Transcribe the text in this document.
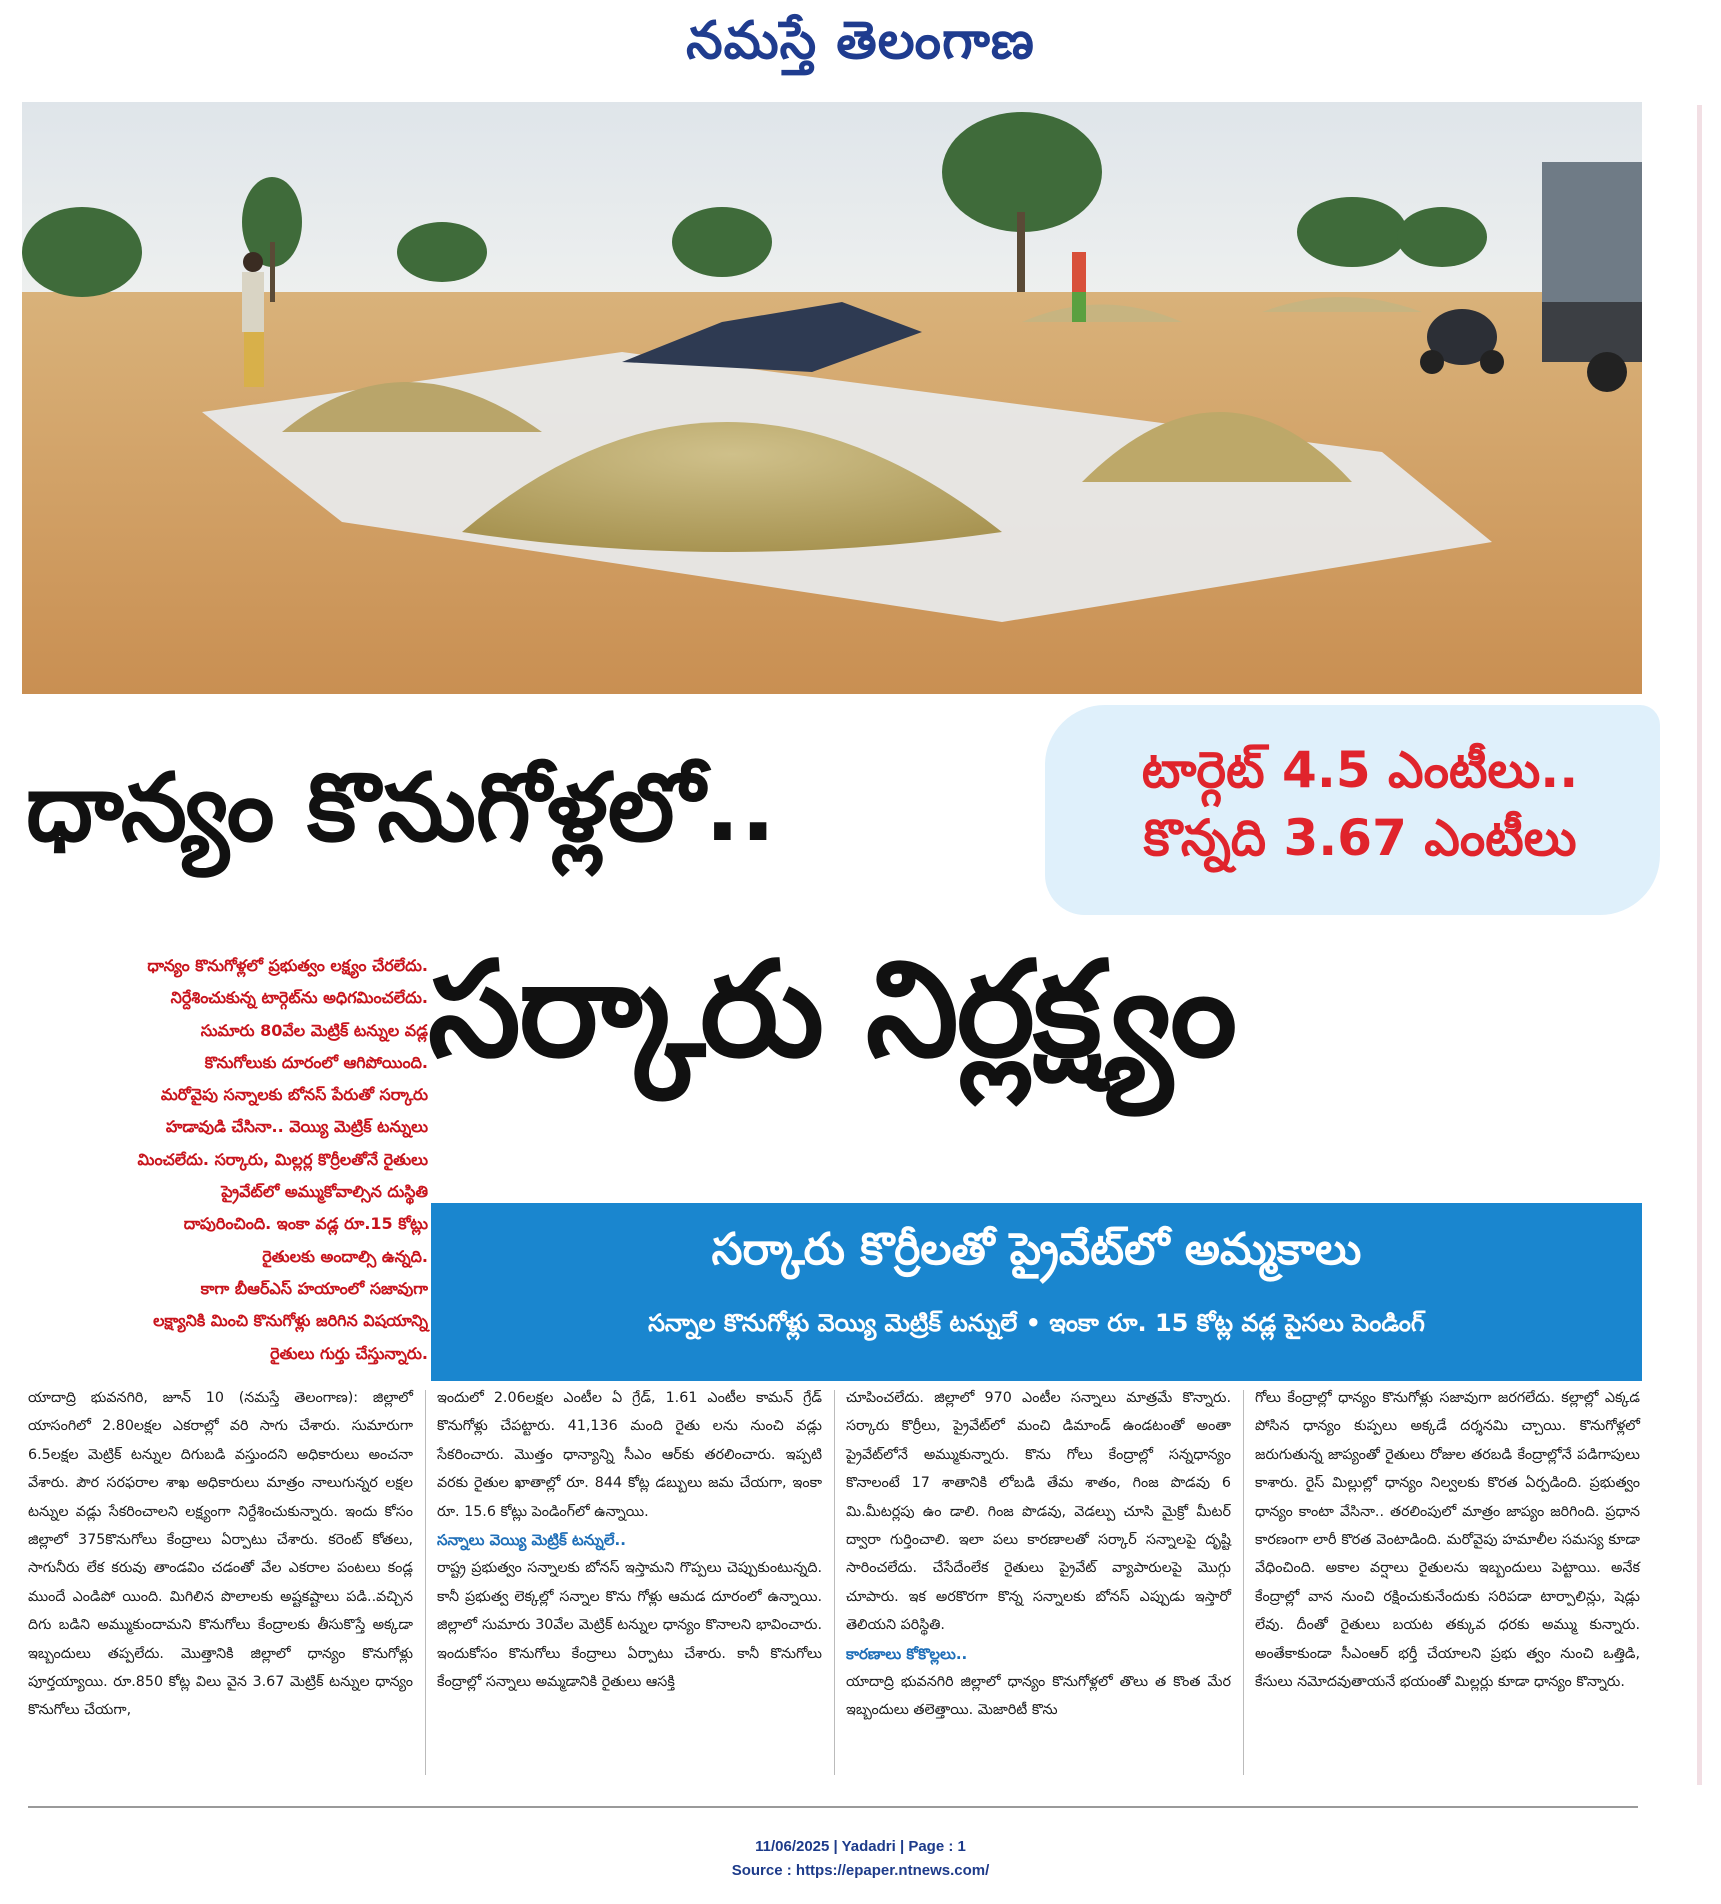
నమస్తే తెలంగాణ
టార్గెట్ 4.5 ఎంటీలు..
కొన్నది 3.67 ఎంటీలు
ధాన్యం కొనుగోళ్లలో..
సర్కారు నిర్లక్ష్యం

ధాన్యం కొనుగోళ్లలో ప్రభుత్వం లక్ష్యం చేరలేదు.

నిర్దేశించుకున్న టార్గెట్‌ను అధిగమించలేదు.

సుమారు 80వేల మెట్రిక్ టన్నుల వడ్ల

కొనుగోలుకు దూరంలో ఆగిపోయింది.

మరోవైపు సన్నాలకు బోనస్ పేరుతో సర్కారు

హడావుడి చేసినా.. వెయ్యి మెట్రిక్ టన్నులు

మించలేదు. సర్కారు, మిల్లర్ల కొర్రీలతోనే రైతులు

ప్రైవేట్‌లో అమ్ముకోవాల్సిన దుస్థితి

దాపురించింది. ఇంకా వడ్ల రూ.15 కోట్లు

రైతులకు అందాల్సి ఉన్నది.

కాగా బీఆర్‌ఎస్ హయాంలో సజావుగా

లక్ష్యానికి మించి కొనుగోళ్లు జరిగిన విషయాన్ని

రైతులు గుర్తు చేస్తున్నారు.

సర్కారు కొర్రీలతో ప్రైవేట్‌లో అమ్మకాలు
సన్నాల కొనుగోళ్లు వెయ్యి మెట్రిక్ టన్నులే • ఇంకా రూ. 15 కోట్ల వడ్ల పైసలు పెండింగ్

యాదాద్రి భువనగిరి, జూన్ 10 (నమస్తే తెలంగాణ): జిల్లాలో యాసంగిలో 2.80లక్షల ఎకరాల్లో వరి సాగు చేశారు. సుమారుగా 6.5లక్షల మెట్రిక్ టన్నుల దిగుబడి వస్తుందని అధికారులు అంచనా వేశారు. పౌర సరఫరాల శాఖ అధికారులు మాత్రం నాలుగున్నర లక్షల టన్నుల వడ్లు సేకరించాలని లక్ష్యంగా నిర్దేశించుకున్నారు. ఇందు కోసం జిల్లాలో 375కొనుగోలు కేంద్రాలు ఏర్పాటు చేశారు. కరెంట్ కోతలు, సాగునీరు లేక కరువు తాండవిం చడంతో వేల ఎకరాల పంటలు కండ్ల ముందే ఎండిపో యింది. మిగిలిన పొలాలకు అష్టకష్టాలు పడి..వచ్చిన దిగు బడిని అమ్ముకుందామని కొనుగోలు కేంద్రాలకు తీసుకొస్తే అక్కడా ఇబ్బందులు తప్పలేదు. మొత్తానికి జిల్లాలో ధాన్యం కొనుగోళ్లు పూర్తయ్యాయి. రూ.850 కోట్ల విలు వైన 3.67 మెట్రిక్ టన్నుల ధాన్యం కొనుగోలు చేయగా,

ఇందులో 2.06లక్షల ఎంటీల ఏ గ్రేడ్, 1.61 ఎంటీల కామన్ గ్రేడ్ కొనుగోళ్లు చేపట్టారు. 41,136 మంది రైతు లను నుంచి వడ్లు సేకరించారు. మొత్తం ధాన్యాన్ని సీఎం ఆర్‌కు తరలించారు. ఇప్పటి వరకు రైతుల ఖాతాల్లో రూ. 844 కోట్ల డబ్బులు జమ చేయగా, ఇంకా రూ. 15.6 కోట్లు పెండింగ్‌లో ఉన్నాయి.

సన్నాలు వెయ్యి మెట్రిక్ టన్నులే..

రాష్ట్ర ప్రభుత్వం సన్నాలకు బోనస్ ఇస్తామని గొప్పలు చెప్పుకుంటున్నది. కానీ ప్రభుత్వ లెక్కల్లో సన్నాల కొను గోళ్లు ఆమడ దూరంలో ఉన్నాయి. జిల్లాలో సుమారు 30వేల మెట్రిక్ టన్నుల ధాన్యం కొనాలని భావించారు. ఇందుకోసం కొనుగోలు కేంద్రాలు ఏర్పాటు చేశారు. కానీ కొనుగోలు కేంద్రాల్లో సన్నాలు అమ్మడానికి రైతులు ఆసక్తి

చూపించలేదు. జిల్లాలో 970 ఎంటీల సన్నాలు మాత్రమే కొన్నారు. సర్కారు కొర్రీలు, ప్రైవేట్‌లో మంచి డిమాండ్ ఉండటంతో అంతా ప్రైవేట్‌లోనే అమ్ముకున్నారు. కొను గోలు కేంద్రాల్లో సన్నధాన్యం కొనాలంటే 17 శాతానికి లోబడి తేమ శాతం, గింజ పొడవు 6 మి.మీటర్లపు ఉం డాలి. గింజ పొడవు, వెడల్పు చూసి మైక్రో మీటర్ ద్వారా గుర్తించాలి. ఇలా పలు కారణాలతో సర్కార్ సన్నాలపై దృష్టి సారించలేదు. చేసేదేంలేక రైతులు ప్రైవేట్ వ్యాపారులపై మొగ్గు చూపారు. ఇక అరకొరగా కొన్న సన్నాలకు బోనస్ ఎప్పుడు ఇస్తారో తెలియని పరిస్థితి.

కారణాలు కోకొల్లలు..

యాదాద్రి భువనగిరి జిల్లాలో ధాన్యం కొనుగోళ్లలో తొలు త కొంత మేర ఇబ్బందులు తలెత్తాయి. మెజారిటీ కొను

గోలు కేంద్రాల్లో ధాన్యం కొనుగోళ్లు సజావుగా జరగలేదు. కల్లాల్లో ఎక్కడ పోసిన ధాన్యం కుప్పలు అక్కడే దర్శనమి చ్చాయి. కొనుగోళ్లలో జరుగుతున్న జాప్యంతో రైతులు రోజుల తరబడి కేంద్రాల్లోనే పడిగాపులు కాశారు. రైస్ మిల్లుల్లో ధాన్యం నిల్వలకు కొరత ఏర్పడింది. ప్రభుత్వం ధాన్యం కాంటా వేసినా.. తరలింపులో మాత్రం జాప్యం జరిగింది. ప్రధాన కారణంగా లారీ కొరత వెంటాడింది. మరోవైపు హమాలీల సమస్య కూడా వేధించింది. అకాల వర్షాలు రైతులను ఇబ్బందులు పెట్టాయి. అనేక కేంద్రాల్లో వాన నుంచి రక్షించుకునేందుకు సరిపడా టార్పాలిన్లు, షెడ్లు లేవు. దీంతో రైతులు బయట తక్కువ ధరకు అమ్ము కున్నారు. అంతేకాకుండా సీఎంఆర్ భర్తీ చేయాలని ప్రభు త్వం నుంచి ఒత్తిడి, కేసులు నమోదవుతాయనే భయంతో మిల్లర్లు కూడా ధాన్యం కొన్నారు.

11/06/2025 | Yadadri | Page : 1
Source : https://epaper.ntnews.com/
